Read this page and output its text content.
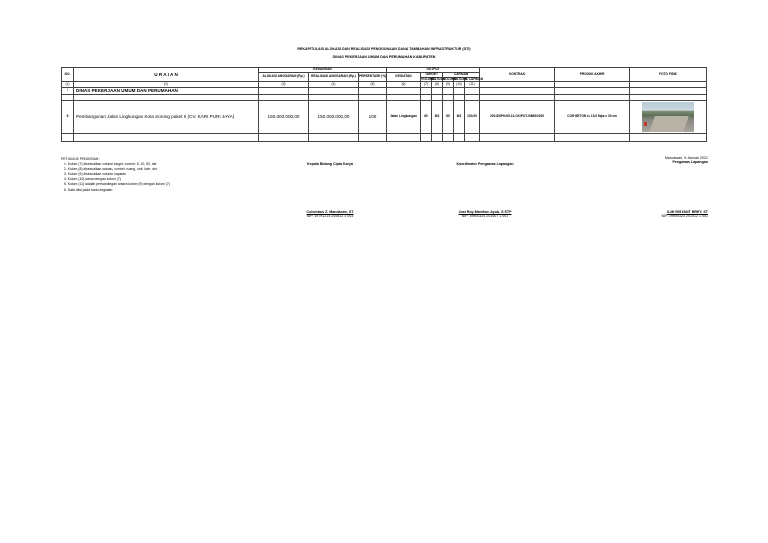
REKAPITULASI ALOKASI DAN REALISASI PENGGUNAAN DANA TAMBAHAN INFRASTRUKTUR (DTI)
DINAS PEKERJAAN UMUM DAN PERUMAHAN KABUPATEN
NO.	U R A I A N	KEUANGAN			OUTPUT						KONTRAK	PRODUK AKHIR	FOTO FISIK
		ALOKASI ANGGARAN (Rp.)	REALISASI ANGGARAN (Rp.)	PERSENTASE (%)	KEGIATAN	TARGET		CAPAIAN					
						VOLUME	SATUAN	VOLUME	SATUAN	% CAPAIAN			
(1)	(2)	(3)	(4)	(5)	(6)	(7)	(8)	(9)	(10)	(11)			
I	DINAS PEKERJAAN UMUM DAN PERUMAHAN												

8	Pembangunan Jalan Lingkungan Kota Sorong paket II (CV. KARI PURI JAYA)	150.000.000,00	150.000.000,00	100	Jalan Lingkungan	60	M3	60	M3	100,00	200.8/SPK/05.13-CK/PUT-9/885/2020	COR BETON t= 15,0 Mpa x 30 cm	

PETUNJUK PENGISIAN :
1. Kolom (7) disesuaikan volume target, contoh: 5, 10, 50, dst
2. Kolom (8) disesuaikan satuan, contoh: ruang, unit, kwh, dst
3. Kolom (9) disesuaikan volume capaian
4. Kolom (10) sama dengan kolom (7)
5. Kolom (11) adalah perbandingan antara kolom (9) dengan kolom (7)
6. Data diisi pada kartu kegiatan
Kepala Bidang Cipta Karya
Colombus Z. Mandacan, ST
NIP. 19791214 200812 1 003
Koordinator Pengawas Lapangan
Jost Roy Manihon Ayub, S.STP
NIP. 19900324 201507 1 001
Manokwari, 5 Januari 2021
Pengawas Lapangan
ILMI RISYANT BREY, ST
NIP. 19900325 201412 1 001
